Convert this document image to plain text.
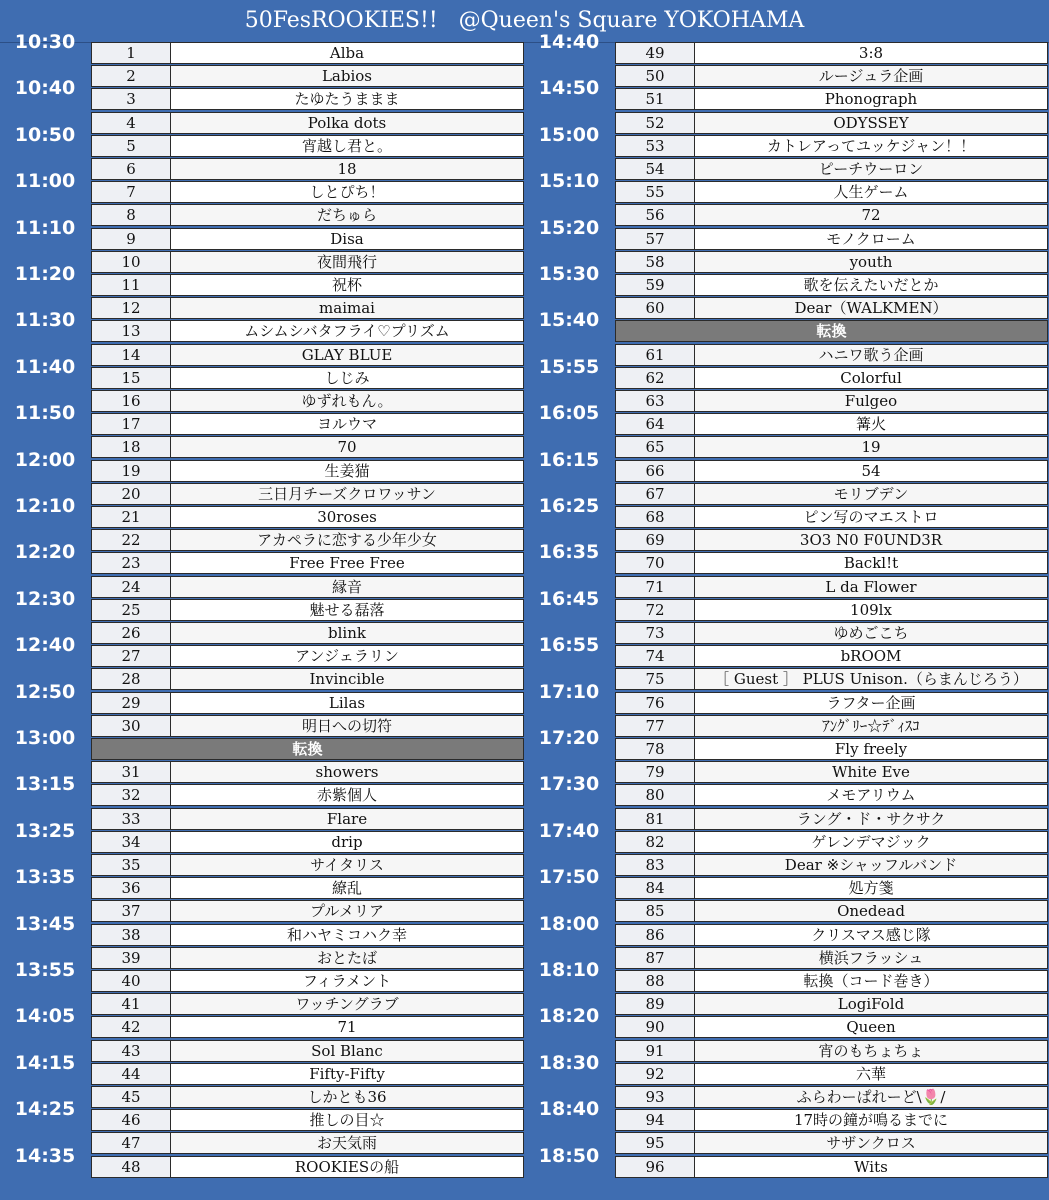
50FesROOKIES!!   @Queen's Square YOKOHAMA
10:30	1	Alba
2	Labios
10:40	3	たゆたうままま
4	Polka dots
10:50	5	宵越し君と。
6	18
11:00	7	しとぴち！
8	だちゅら
11:10	9	Disa
10	夜間飛行
11:20	11	祝杯
12	maimai
11:30	13	ムシムシバタフライ♡プリズム
14	GLAY BLUE
11:40	15	しじみ
16	ゆずれもん。
11:50	17	ヨルウマ
18	70
12:00	19	生姜猫
20	三日月チーズクロワッサン
12:10	21	30roses
22	アカペラに恋する少年少女
12:20	23	Free Free Free
24	縁音
12:30	25	魅せる磊落
26	blink
12:40	27	アンジェラリン
28	Invincible
12:50	29	Lilas
30	明日への切符
13:00	転換
31	showers
13:15	32	赤紫個人
33	Flare
13:25	34	drip
35	サイタリス
13:35	36	繚乱
37	プルメリア
13:45	38	和ハヤミコハク幸
39	おとたば
13:55	40	フィラメント
41	ワッチングラブ
14:05	42	71
43	Sol Blanc
14:15	44	Fifty-Fifty
45	しかとも36
14:25	46	推しの目☆
47	お天気雨
14:35	48	ROOKIESの船
14:40	49	3:8
50	ルージュラ企画
14:50	51	Phonograph
52	ODYSSEY
15:00	53	カトレアってユッケジャン！！
54	ピーチウーロン
15:10	55	人生ゲーム
56	72
15:20	57	モノクローム
58	youth
15:30	59	歌を伝えたいだとか
60	Dear（WALKMEN）
15:40	転換
61	ハニワ歌う企画
15:55	62	Colorful
63	Fulgeo
16:05	64	篝火
65	19
16:15	66	54
67	モリブデン
16:25	68	ピン写のマエストロ
69	3O3 N0 F0UND3R
16:35	70	Backl!t
71	L da Flower
16:45	72	109lx
73	ゆめごこち
16:55	74	bROOM
75	［ Guest ］ PLUS Unison.（らまんじろう）
17:10	76	ラフター企画
77	ｱﾝｸﾞﾘｰ☆ﾃﾞｨｽｺ
17:20	78	Fly freely
79	White Eve
17:30	80	メモアリウム
81	ラング・ド・サクサク
17:40	82	ゲレンデマジック
83	Dear ※シャッフルバンド
17:50	84	処方箋
85	Onedead
18:00	86	クリスマス感じ隊
87	横浜フラッシュ
18:10	88	転換（コード巻き）
89	LogiFold
18:20	90	Queen
91	宵のもちょちょ
18:30	92	六華
93	ふらわーぱれーど\🌷/
18:40	94	17時の鐘が鳴るまでに
95	サザンクロス
18:50	96	Wits
